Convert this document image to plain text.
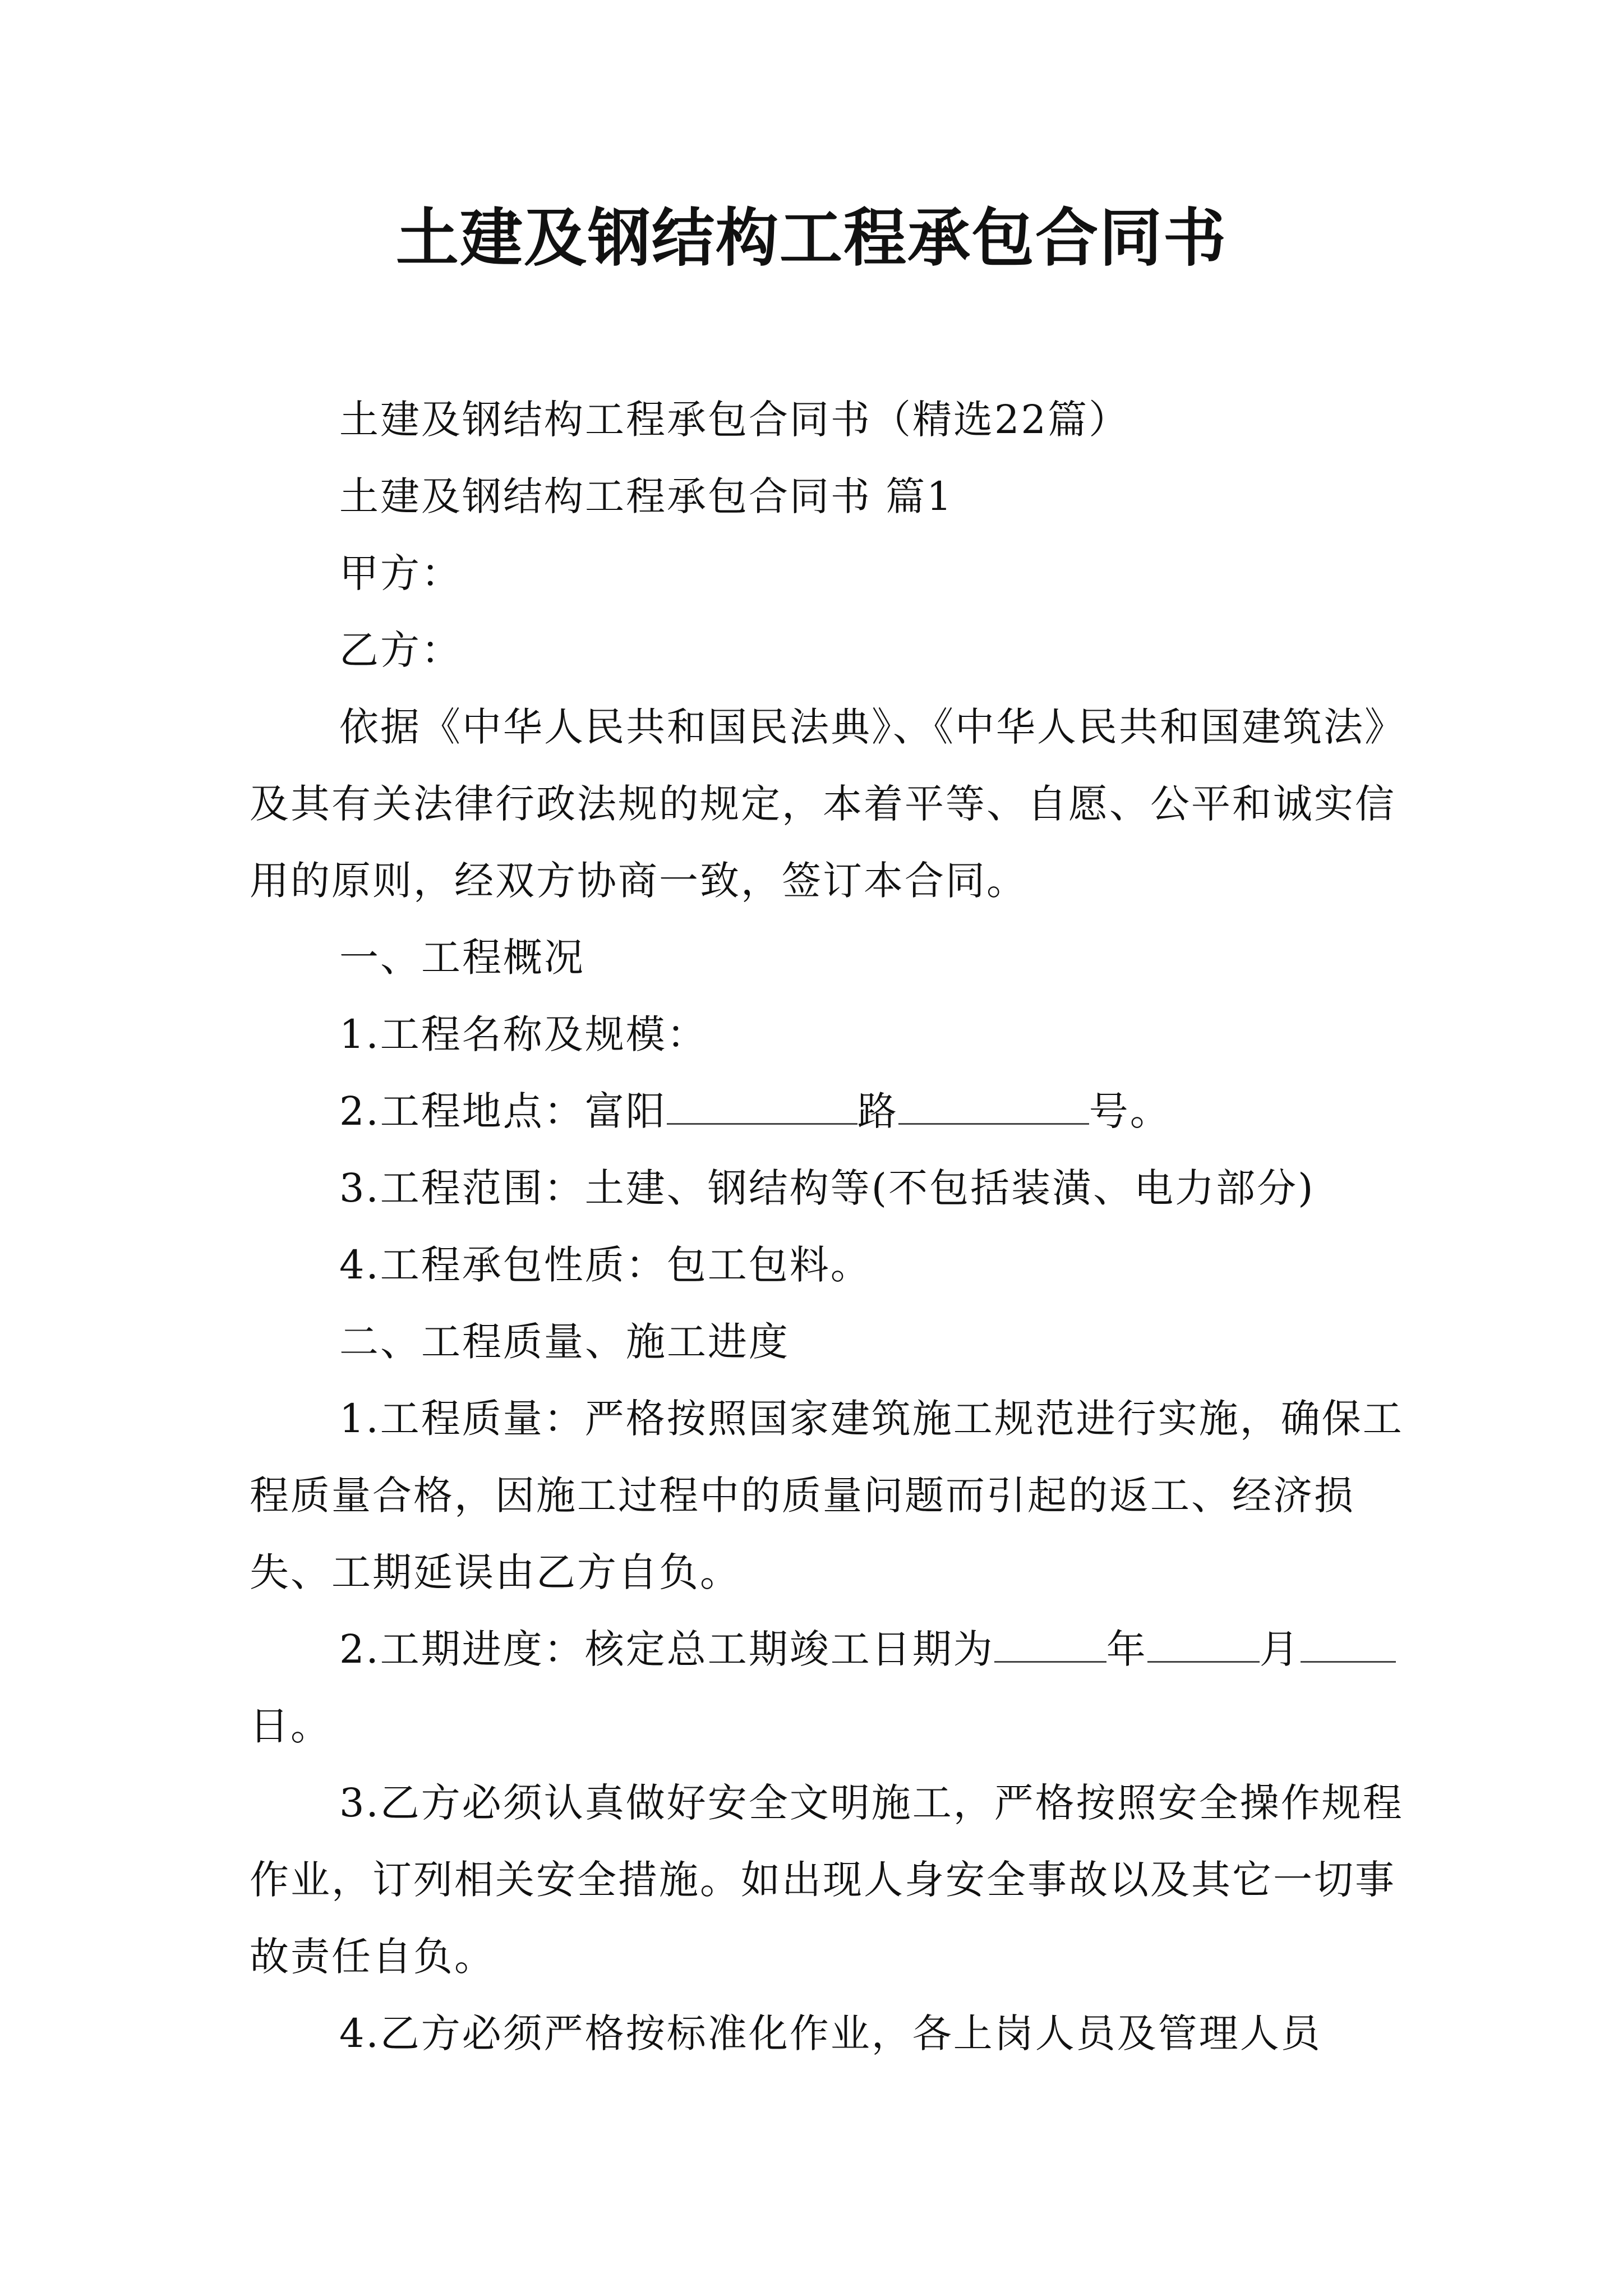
土建及钢结构工程承包合同书

土建及钢结构工程承包合同书（精选22篇）

土建及钢结构工程承包合同书 篇1

甲方：

乙方：

依据《中华人民共和国民法典》、《中华人民共和国建筑法》及其有关法律行政法规的规定，本着平等、自愿、公平和诚实信用的原则，经双方协商一致，签订本合同。

一、工程概况

1.工程名称及规模：

2.工程地点：富阳	路	号。

3.工程范围：土建、钢结构等(不包括装潢、电力部分)

4.工程承包性质：包工包料。

二、工程质量、施工进度

1.工程质量：严格按照国家建筑施工规范进行实施，确保工程质量合格，因施工过程中的质量问题而引起的返工、经济损失、工期延误由乙方自负。

2.工期进度：核定总工期竣工日期为	年	月日。

3.乙方必须认真做好安全文明施工，严格按照安全操作规程作业，订列相关安全措施。如出现人身安全事故以及其它一切事故责任自负。

4.乙方必须严格按标准化作业，各上岗人员及管理人员
